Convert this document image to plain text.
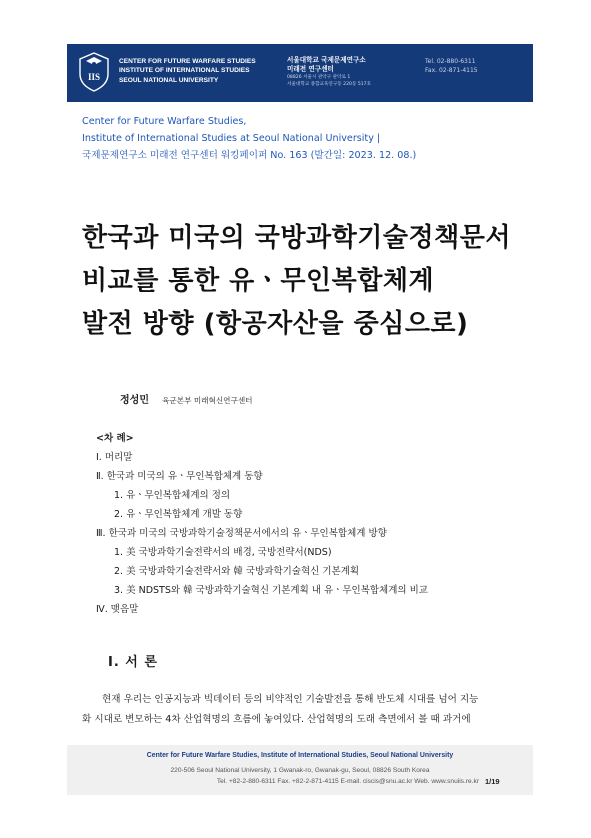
IIS
CENTER FOR FUTURE WARFARE STUDIES
INSTITUTE OF INTERNATIONAL STUDIES
SEOUL NATIONAL UNIVERSITY
서울대학교 국제문제연구소
미래전 연구센터
08826 서울시 관악구 관악로 1
서울대학교 종합교육연구동 220동 517호
Tel. 02-880-6311
Fax. 02-871-4115
Center for Future Warfare Studies,
Institute of International Studies at Seoul National University |
국제문제연구소 미래전 연구센터 워킹페이퍼 No. 163 (발간일: 2023. 12. 08.)
한국과 미국의 국방과학기술정책문서
비교를 통한 유ㆍ무인복합체계
발전 방향 (항공자산을 중심으로)
정성민 육군본부 미래혁신연구센터
<차 례>
Ⅰ. 머리말
Ⅱ. 한국과 미국의 유ㆍ무인복합체계 동향
1. 유ㆍ무인복합체계의 정의
2. 유ㆍ무인복합체계 개발 동향
Ⅲ. 한국과 미국의 국방과학기술정책문서에서의 유ㆍ무인복합체계 방향
1. 美 국방과학기술전략서의 배경, 국방전략서(NDS)
2. 美 국방과학기술전략서와 韓 국방과학기술혁신 기본계획
3. 美 NDSTS와 韓 국방과학기술혁신 기본계획 내 유ㆍ무인복합체계의 비교
Ⅳ. 맺음말
Ⅰ. 서 론
현재 우리는 인공지능과 빅데이터 등의 비약적인 기술발전을 통해 반도체 시대를 넘어 지능
화 시대로 변모하는 4차 산업혁명의 흐름에 놓여있다. 산업혁명의 도래 측면에서 볼 때 과거에
Center for Future Warfare Studies, Institute of International Studies, Seoul National University
220-506 Seoul National University, 1 Gwanak-ro, Gwanak-gu, Seoul, 08826 South Korea
Tel. +82-2-880-6311 Fax. +82-2-871-4115 E-mail. ciscis@snu.ac.kr Web. www.snuiis.re.kr 1/19
